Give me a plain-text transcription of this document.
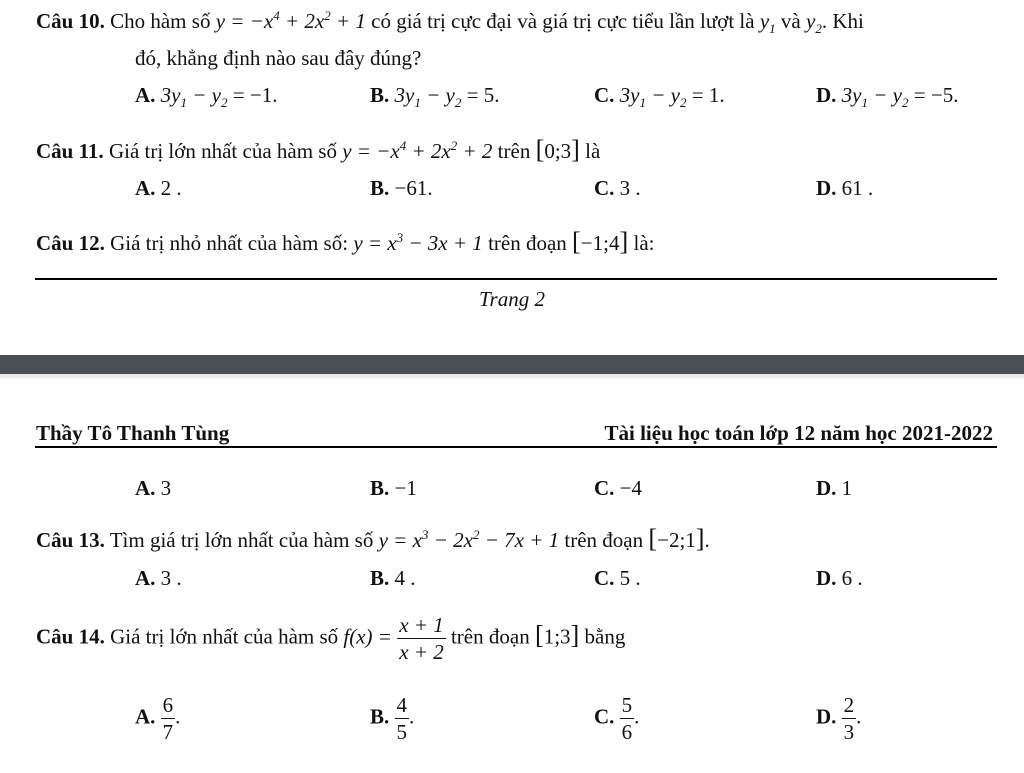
Câu 10. Cho hàm số $y = -x^4 + 2x^2 + 1$ có giá trị cực đại và giá trị cực tiểu lần lượt là $y_1$ và $y_2$. Khi
đó, khẳng định nào sau đây đúng?
A. $3y_1 - y_2 = -1$.	B. $3y_1 - y_2 = 5$.	C. $3y_1 - y_2 = 1$.	D. $3y_1 - y_2 = -5$.
Câu 11. Giá trị lớn nhất của hàm số $y = -x^4 + 2x^2 + 2$ trên [0;3] là
A. 2 .	B. −61.	C. 3 .	D. 61 .
Câu 12. Giá trị nhỏ nhất của hàm số: $y = x^3 - 3x + 1$ trên đoạn [−1;4] là:
Trang 2
Thầy Tô Thanh Tùng	Tài liệu học toán lớp 12 năm học 2021-2022
A. 3	B. −1	C. −4	D. 1
Câu 13. Tìm giá trị lớn nhất của hàm số $y = x^3 - 2x^2 - 7x + 1$ trên đoạn [−2;1].
A. 3 .	B. 4 .	C. 5 .	D. 6 .
Câu 14. Giá trị lớn nhất của hàm số $f(x) = \frac{x + 1}{x + 2}$ trên đoạn [1;3] bằng
A. $\frac{6}{7}$ .	B. $\frac{4}{5}$ .	C. $\frac{5}{6}$ .	D. $\frac{2}{3}$ .
